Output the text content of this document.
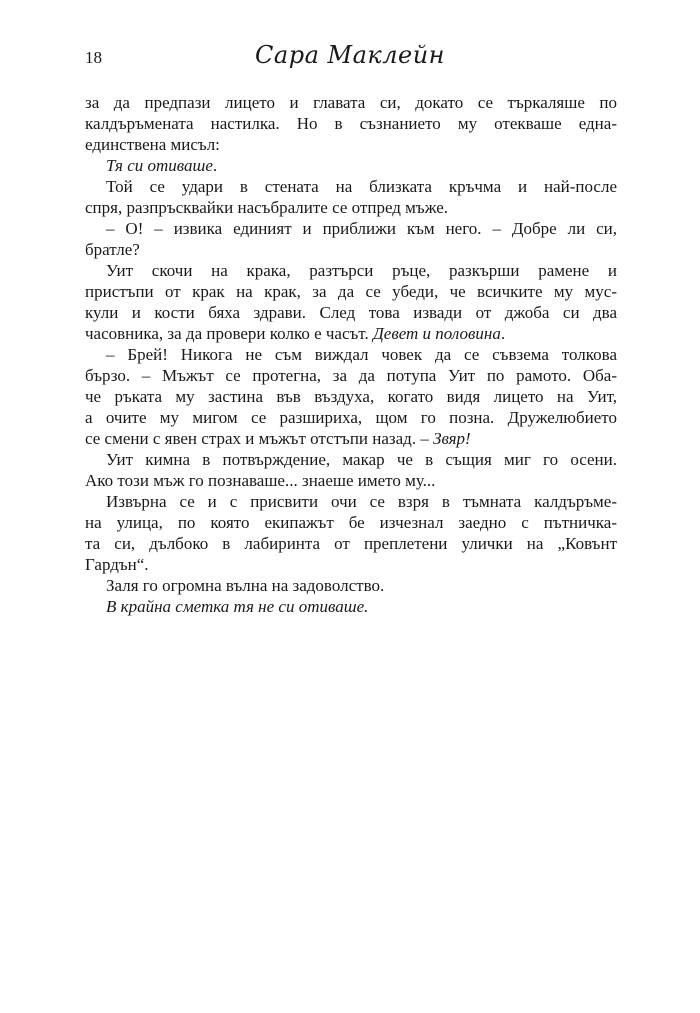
18	Сара Маклейн
за да предпази лицето и главата си, докато се търкаляше по
калдъръмената настилка. Но в съзнанието му отекваше една-
единствена мисъл:
Тя си отиваше.
Той се удари в стената на близката кръчма и най-после
спря, разпръсквайки насъбралите се отпред мъже.
– О! – извика единият и приближи към него. – Добре ли си,
братле?
Уит скочи на крака, разтърси ръце, разкърши рамене и
пристъпи от крак на крак, за да се убеди, че всичките му мус-
кули и кости бяха здрави. След това извади от джоба си два
часовника, за да провери колко е часът. Девет и половина.
– Брей! Никога не съм виждал човек да се съвзема толкова
бързо. – Мъжът се протегна, за да потупа Уит по рамото. Оба-
че ръката му застина във въздуха, когато видя лицето на Уит,
а очите му мигом се разшириха, щом го позна. Дружелюбието
се смени с явен страх и мъжът отстъпи назад. – Звяр!
Уит кимна в потвърждение, макар че в същия миг го осени.
Ако този мъж го познаваше... знаеше името му...
Извърна се и с присвити очи се взря в тъмната калдъръме-
на улица, по която екипажът бе изчезнал заедно с пътничка-
та си, дълбоко в лабиринта от преплетени улички на „Ковънт
Гардън“.
Заля го огромна вълна на задоволство.
В крайна сметка тя не си отиваше.
